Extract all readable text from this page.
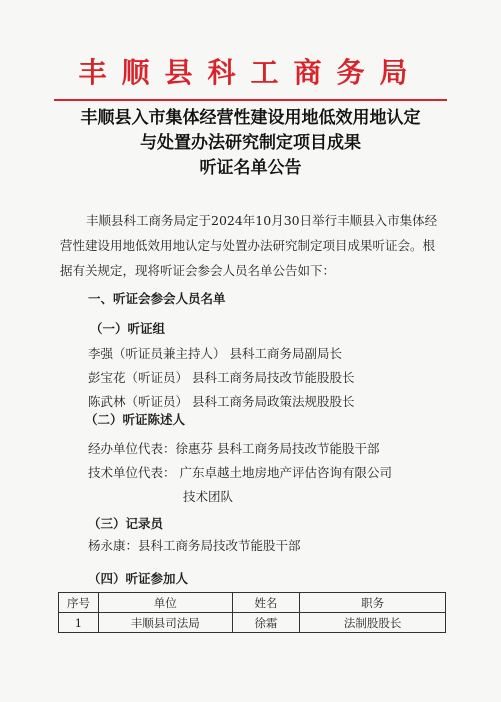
丰顺县科工商务局
丰顺县入市集体经营性建设用地低效用地认定
与处置办法研究制定项目成果
听证名单公告
丰顺县科工商务局定于2024年10月30日举行丰顺县入市集体经营性建设用地低效用地认定与处置办法研究制定项目成果听证会。根据有关规定，现将听证会参会人员名单公告如下：
一、听证会参会人员名单
（一）听证组
李强（听证员兼主持人） 县科工商务局副局长
彭宝花（听证员） 县科工商务局技改节能股股长
陈武林（听证员） 县科工商务局政策法规股股长
（二）听证陈述人
经办单位代表：徐惠芬 县科工商务局技改节能股干部
技术单位代表： 广东卓越土地房地产评估咨询有限公司
技术团队
（三）记录员
杨永康：县科工商务局技改节能股干部
（四）听证参加人
序号	单位	姓名	职务
1	丰顺县司法局	徐霜	法制股股长
